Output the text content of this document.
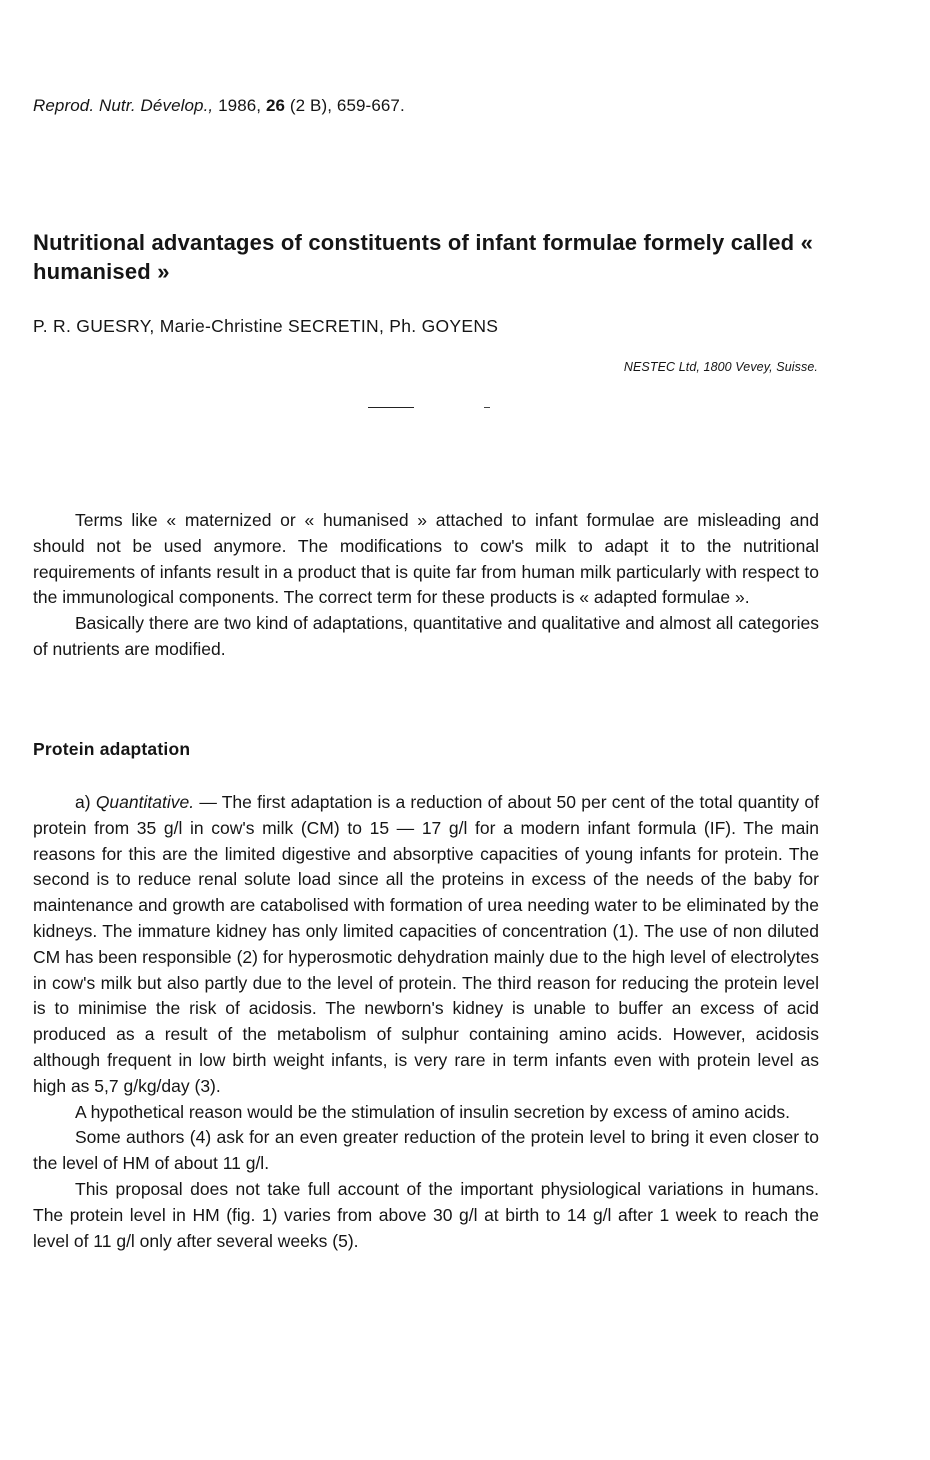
Reprod. Nutr. Dévelop., 1986, 26 (2 B), 659-667.
Nutritional advantages of constituents of infant formulae formely called « humanised »
P. R. GUESRY, Marie-Christine SECRETIN, Ph. GOYENS
NESTEC Ltd, 1800 Vevey, Suisse.

Terms like « maternized or « humanised » attached to infant formulae are misleading and should not be used anymore. The modifications to cow's milk to adapt it to the nutritional requirements of infants result in a product that is quite far from human milk particularly with respect to the immunological components. The correct term for these products is « adapted formulae ».

Basically there are two kind of adaptations, quantitative and qualitative and almost all categories of nutrients are modified.

Protein adaptation

a) Quantitative. — The first adaptation is a reduction of about 50 per cent of the total quantity of protein from 35 g/l in cow's milk (CM) to 15 — 17 g/l for a modern infant formula (IF). The main reasons for this are the limited digestive and absorptive capacities of young infants for protein. The second is to reduce renal solute load since all the proteins in excess of the needs of the baby for maintenance and growth are catabolised with formation of urea needing water to be eliminated by the kidneys. The immature kidney has only limited capacities of concentration (1). The use of non diluted CM has been responsible (2) for hyperosmotic dehydration mainly due to the high level of electrolytes in cow's milk but also partly due to the level of protein. The third reason for reducing the protein level is to minimise the risk of acidosis. The newborn's kidney is unable to buffer an excess of acid produced as a result of the metabolism of sulphur containing amino acids. However, acidosis although frequent in low birth weight infants, is very rare in term infants even with protein level as high as 5,7 g/kg/day (3).

A hypothetical reason would be the stimulation of insulin secretion by excess of amino acids.

Some authors (4) ask for an even greater reduction of the protein level to bring it even closer to the level of HM of about 11 g/l.

This proposal does not take full account of the important physiological variations in humans. The protein level in HM (fig. 1) varies from above 30 g/l at birth to 14 g/l after 1 week to reach the level of 11 g/l only after several weeks (5).
